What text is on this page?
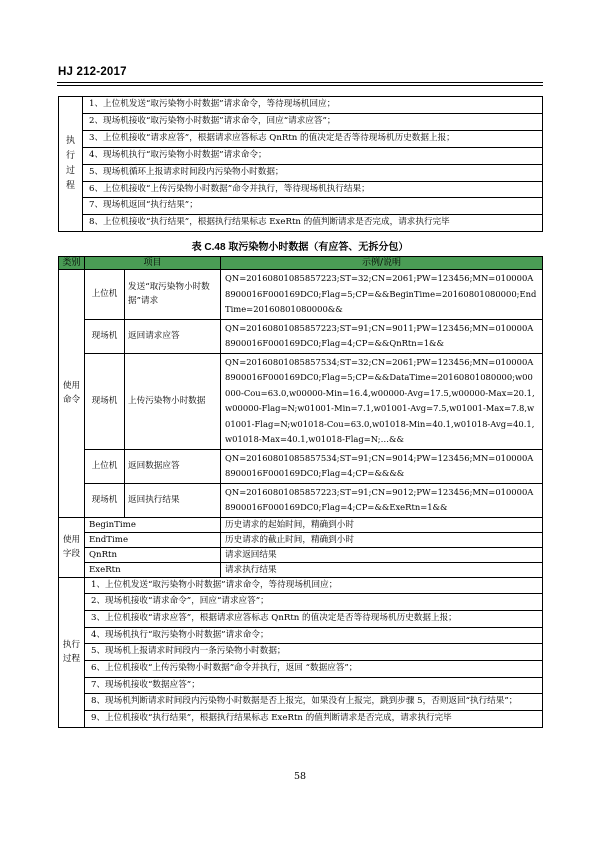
HJ 212-2017
执行过程	1、上位机发送“取污染物小时数据”请求命令，等待现场机回应；
2、现场机接收“取污染物小时数据”请求命令，回应“请求应答”；
3、上位机接收“请求应答”，根据请求应答标志 QnRtn 的值决定是否等待现场机历史数据上报；
4、现场机执行“取污染物小时数据”请求命令；
5、现场机循环上报请求时间段内污染物小时数据；
6、上位机接收“上传污染物小时数据”命令并执行，等待现场机执行结果；
7、现场机返回“执行结果”；
8、上位机接收“执行结果”，根据执行结果标志 ExeRtn 的值判断请求是否完成，请求执行完毕
表 C.48 取污染物小时数据（有应答、无拆分包）
类别	项目		示例/说明
使用命令	上位机	发送“取污染物小时数据”请求	QN=20160801085857223;ST=32;CN=2061;PW=123456;MN=010000A8900016F000169DC0;Flag=5;CP=&&BeginTime=20160801080000;EndTime=20160801080000&&
	现场机	返回请求应答	QN=20160801085857223;ST=91;CN=9011;PW=123456;MN=010000A8900016F000169DC0;Flag=4;CP=&&QnRtn=1&&
	现场机	上传污染物小时数据	QN=20160801085857534;ST=32;CN=2061;PW=123456;MN=010000A8900016F000169DC0;Flag=5;CP=&&DataTime=20160801080000;w00000-Cou=63.0,w00000-Min=16.4,w00000-Avg=17.5,w00000-Max=20.1,w00000-Flag=N;w01001-Min=7.1,w01001-Avg=7.5,w01001-Max=7.8,w01001-Flag=N;w01018-Cou=63.0,w01018-Min=40.1,w01018-Avg=40.1,w01018-Max=40.1,w01018-Flag=N;…&&
	上位机	返回数据应答	QN=20160801085857534;ST=91;CN=9014;PW=123456;MN=010000A8900016F000169DC0;Flag=4;CP=&&&&
	现场机	返回执行结果	QN=20160801085857223;ST=91;CN=9012;PW=123456;MN=010000A8900016F000169DC0;Flag=4;CP=&&ExeRtn=1&&
使用字段	BeginTime		历史请求的起始时间，精确到小时
	EndTime		历史请求的截止时间，精确到小时
	QnRtn		请求返回结果
	ExeRtn		请求执行结果
执行过程	1、上位机发送“取污染物小时数据”请求命令，等待现场机回应；		
	2、现场机接收“请求命令”，回应“请求应答”；		
	3、上位机接收“请求应答”，根据请求应答标志 QnRtn 的值决定是否等待现场机历史数据上报；		
	4、现场机执行“取污染物小时数据”请求命令；		
	5、现场机上报请求时间段内一条污染物小时数据；		
	6、上位机接收“上传污染物小时数据”命令并执行，返回 “数据应答”；		
	7、现场机接收“数据应答”；		
	8、现场机判断请求时间段内污染物小时数据是否上报完，如果没有上报完，跳到步骤 5，否则返回“执行结果”；		
	9、上位机接收“执行结果”，根据执行结果标志 ExeRtn 的值判断请求是否完成，请求执行完毕		
58
